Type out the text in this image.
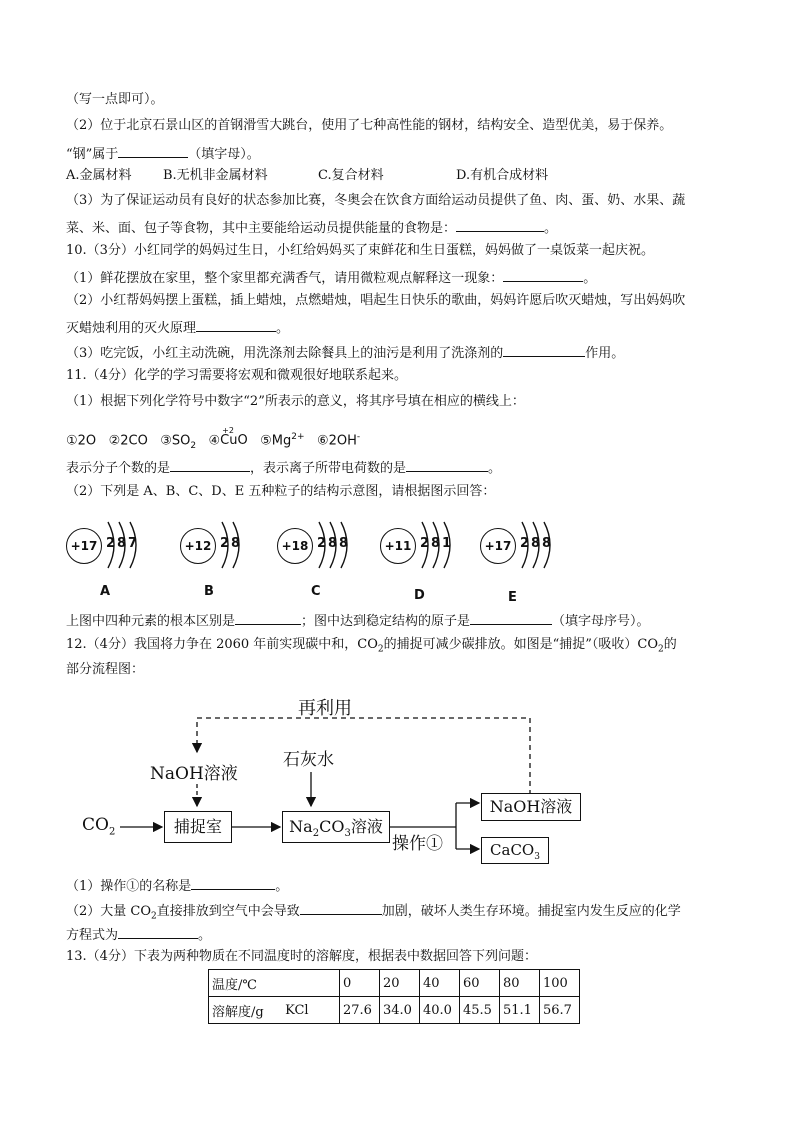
（写一点即可）。
（2）位于北京石景山区的首钢滑雪大跳台，使用了七种高性能的钢材，结构安全、造型优美，易于保养。
“钢”属于	（填字母）。
A.金属材料 B.无机非金属材料	C.复合材料	D.有机合成材料
（3）为了保证运动员有良好的状态参加比赛，冬奥会在饮食方面给运动员提供了鱼、肉、蛋、奶、水果、蔬
菜、米、面、包子等食物，其中主要能给运动员提供能量的食物是：	。
10.（3分）小红同学的妈妈过生日，小红给妈妈买了束鲜花和生日蛋糕，妈妈做了一桌饭菜一起庆祝。
（1）鲜花摆放在家里，整个家里都充满香气，请用微粒观点解释这一现象：	。
（2）小红帮妈妈摆上蛋糕，插上蜡烛，点燃蜡烛，唱起生日快乐的歌曲，妈妈许愿后吹灭蜡烛，写出妈妈吹
灭蜡烛利用的灭火原理	。
（3）吃完饭，小红主动洗碗，用洗涤剂去除餐具上的油污是利用了洗涤剂的	作用。
11.（4分）化学的学习需要将宏观和微观很好地联系起来。
（1）根据下列化学符号中数字“2”所表示的意义，将其序号填在相应的横线上：
①2O ②2CO $③SO_2$ ④
+2
CuO $⑤Mg^{2+}$ ⑥2OH-
表示分子个数的是	，表示离子所带电荷数的是	。
（2）下列是 A、B、C、D、E 五种粒子的结构示意图，请根据图示回答：
+17 2 8 7
A
+12 2 8
B
+18 2 8 8
C
+11 2 8 1
D
+17 2 8 8
E
上图中四种元素的根本区别是	；图中达到稳定结构的原子是	（填字母序号）。
12.（4分）我国将力争在 2060 年前实现碳中和，$CO_2$的捕捉可减少碳排放。如图是“捕捉”（吸收）$CO_2$的
部分流程图：
再利用
NaOH溶液
石灰水
$CO_2$	捕捉室	$Na_2CO_3$溶液
操作①
NaOH溶液
CaCO$_3$
（1）操作①的名称是	。
（2）大量 $CO_2$直接排放到空气中会导致	加剧，破坏人类生存环境。捕捉室内发生反应的化学
方程式为	。
13.（4分）下表为两种物质在不同温度时的溶解度，根据表中数据回答下列问题：
温度/℃		0	20	40	60	80	100
溶解度/g	KCl	27.6	34.0	40.0	45.5	51.1	56.7
